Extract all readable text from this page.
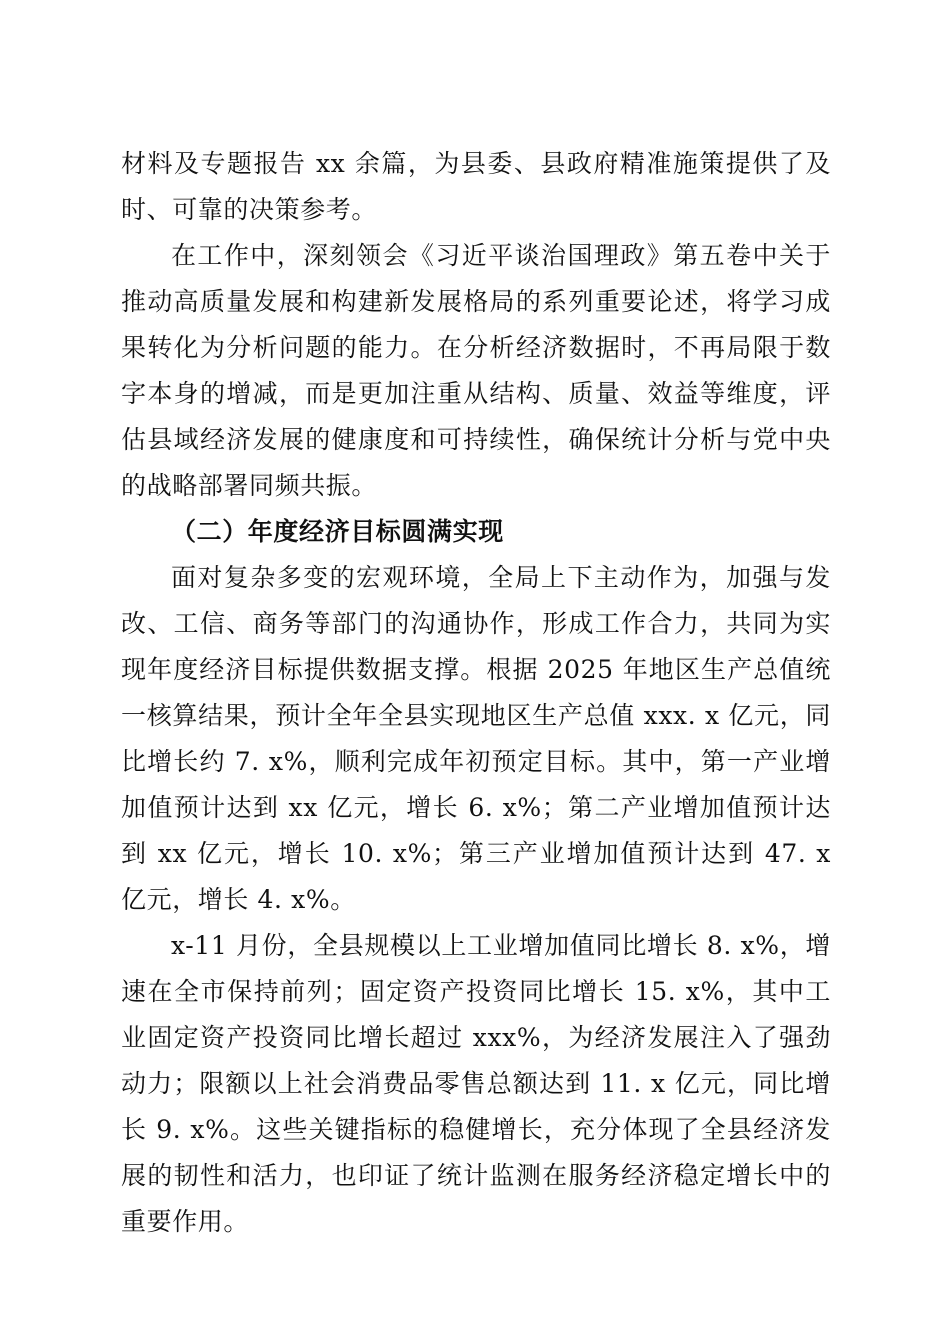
材料及专题报告 xx 余篇，为县委、县政府精准施策提供了及时、可靠的决策参考。

在工作中，深刻领会《习近平谈治国理政》第五卷中关于推动高质量发展和构建新发展格局的系列重要论述，将学习成果转化为分析问题的能力。在分析经济数据时，不再局限于数字本身的增减，而是更加注重从结构、质量、效益等维度，评估县域经济发展的健康度和可持续性，确保统计分析与党中央的战略部署同频共振。

（二）年度经济目标圆满实现

面对复杂多变的宏观环境，全局上下主动作为，加强与发改、工信、商务等部门的沟通协作，形成工作合力，共同为实现年度经济目标提供数据支撑。根据 2025 年地区生产总值统一核算结果，预计全年全县实现地区生产总值 xxx. x 亿元，同比增长约 7. x%，顺利完成年初预定目标。其中，第一产业增加值预计达到 xx 亿元，增长 6. x%；第二产业增加值预计达到 xx 亿元，增长 10. x%；第三产业增加值预计达到 47. x 亿元，增长 4. x%。

x-11 月份，全县规模以上工业增加值同比增长 8. x%，增速在全市保持前列；固定资产投资同比增长 15. x%，其中工业固定资产投资同比增长超过 xxx%，为经济发展注入了强劲动力；限额以上社会消费品零售总额达到 11. x 亿元，同比增长 9. x%。这些关键指标的稳健增长，充分体现了全县经济发展的韧性和活力，也印证了统计监测在服务经济稳定增长中的重要作用。
